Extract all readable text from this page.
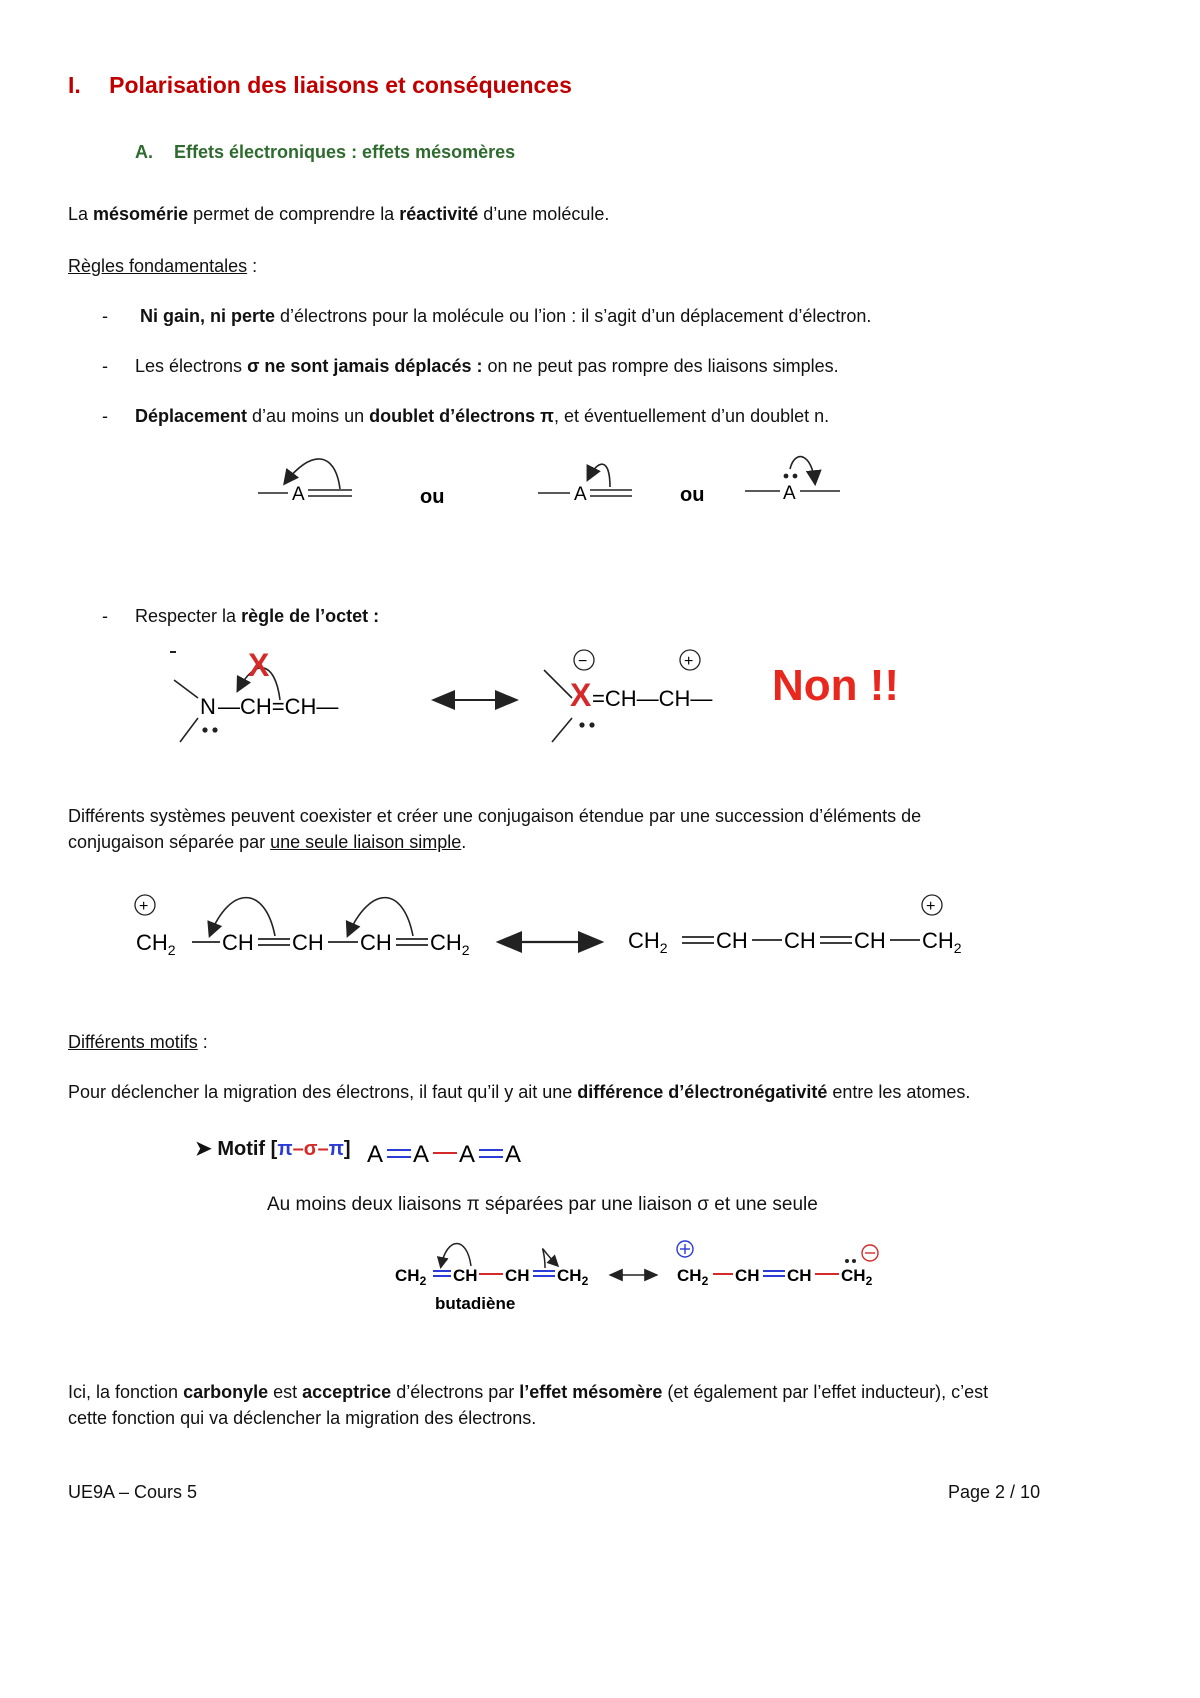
I. Polarisation des liaisons et conséquences
A. Effets électroniques : effets mésomères
La mésomérie permet de comprendre la réactivité d’une molécule.
Règles fondamentales :
- Ni gain, ni perte d’électrons pour la molécule ou l’ion : il s’agit d’un déplacement d’électron.
- Les électrons σ ne sont jamais déplacés : on ne peut pas rompre des liaisons simples.
- Déplacement d’au moins un doublet d’électrons π, et éventuellement d’un doublet n.
A	ou	A	ou	A
- Respecter la règle de l’octet :
N —CH=CH—
X
X =CH—CH—
−	+ Non !!
Différents systèmes peuvent coexister et créer une conjugaison étendue par une succession d’éléments de
conjugaison séparée par une seule liaison simple.
+
$CH_2$ CH CH CH $CH_2$	$CH_2$ CH CH CH $CH_2$
+
Différents motifs :
Pour déclencher la migration des électrons, il faut qu’il y ait une différence d’électronégativité entre les atomes.
➤ Motif [π–σ–π] A A A A
Au moins deux liaisons π séparées par une liaison σ et une seule
$CH_2$ CH CH $CH_2$	$CH_2$ CH CH $CH_2$
butadiène
Ici, la fonction carbonyle est acceptrice d’électrons par l’effet mésomère (et également par l’effet inducteur), c’est
cette fonction qui va déclencher la migration des électrons.
UE9A – Cours 5	Page 2 / 10
